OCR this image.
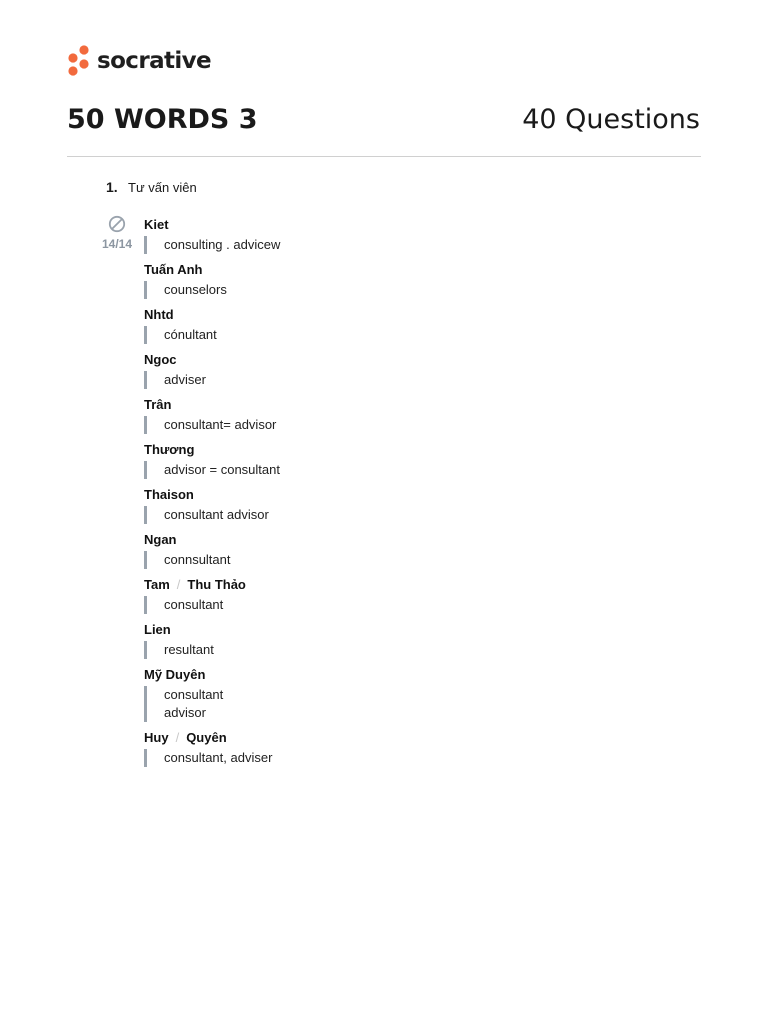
socrative
50 WORDS 3	40 Questions
1. Tư vấn viên
14/14
Kiet
consulting . advicew
Tuấn Anh
counselors
Nhtd
cónultant
Ngoc
adviser
Trân
consultant= advisor
Thương
advisor = consultant
Thaison
consultant advisor
Ngan
connsultant
Tam / Thu Thảo
consultant
Lien
resultant
Mỹ Duyên
consultant
advisor
Huy / Quyên
consultant, adviser
